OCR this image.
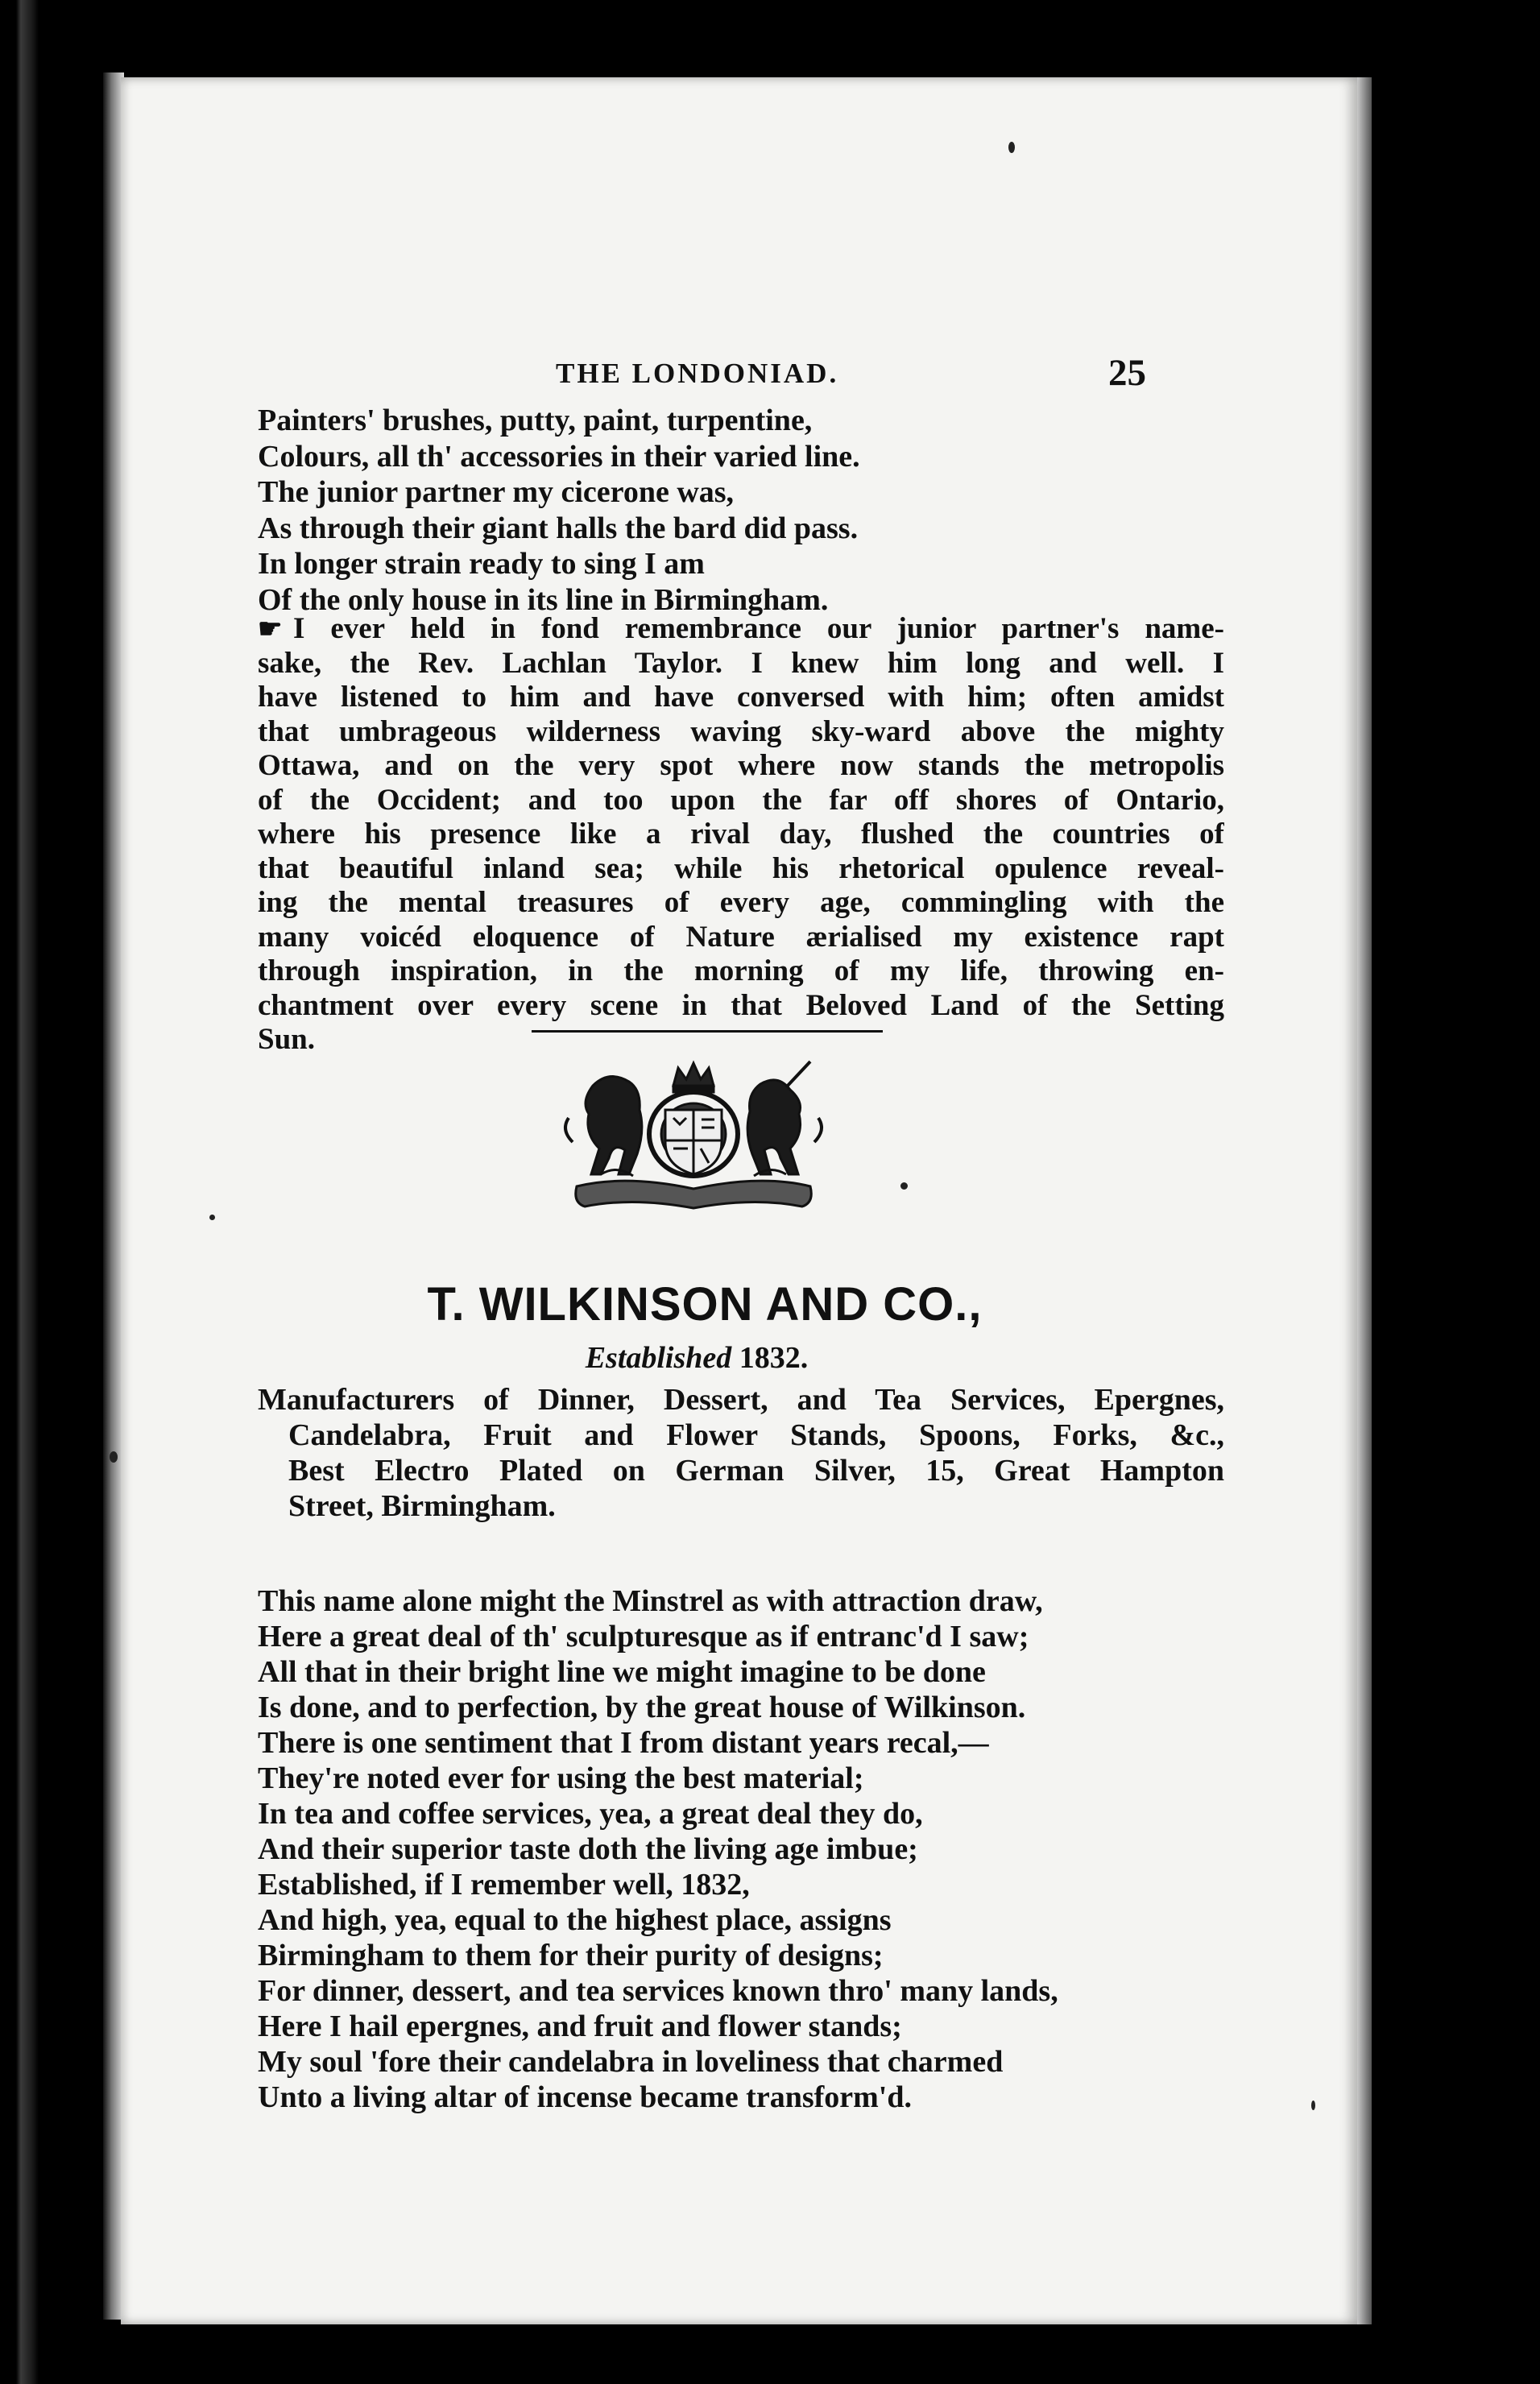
THE LONDONIAD.	25
Painters' brushes, putty, paint, turpentine,
Colours, all th' accessories in their varied line.
The junior partner my cicerone was,
As through their giant halls the bard did pass.
In longer strain ready to sing I am
Of the only house in its line in Birmingham.
☛ I ever held in fond remembrance our junior partner's name-
sake, the Rev. Lachlan Taylor. I knew him long and well. I
have listened to him and have conversed with him; often amidst
that umbrageous wilderness waving sky-ward above the mighty
Ottawa, and on the very spot where now stands the metropolis
of the Occident; and too upon the far off shores of Ontario,
where his presence like a rival day, flushed the countries of
that beautiful inland sea; while his rhetorical opulence reveal-
ing the mental treasures of every age, commingling with the
many voicéd eloquence of Nature ærialised my existence rapt
through inspiration, in the morning of my life, throwing en-
chantment over every scene in that Beloved Land of the Setting
Sun.
T. WILKINSON AND CO.,
Established 1832.
Manufacturers of Dinner, Dessert, and Tea Services, Epergnes,
Candelabra, Fruit and Flower Stands, Spoons, Forks, &c.,
Best Electro Plated on German Silver, 15, Great Hampton
Street, Birmingham.
This name alone might the Minstrel as with attraction draw,
Here a great deal of th' sculpturesque as if entranc'd I saw;
All that in their bright line we might imagine to be done
Is done, and to perfection, by the great house of Wilkinson.
There is one sentiment that I from distant years recal,—
They're noted ever for using the best material;
In tea and coffee services, yea, a great deal they do,
And their superior taste doth the living age imbue;
Established, if I remember well, 1832,
And high, yea, equal to the highest place, assigns
Birmingham to them for their purity of designs;
For dinner, dessert, and tea services known thro' many lands,
Here I hail epergnes, and fruit and flower stands;
My soul 'fore their candelabra in loveliness that charmed
Unto a living altar of incense became transform'd.
